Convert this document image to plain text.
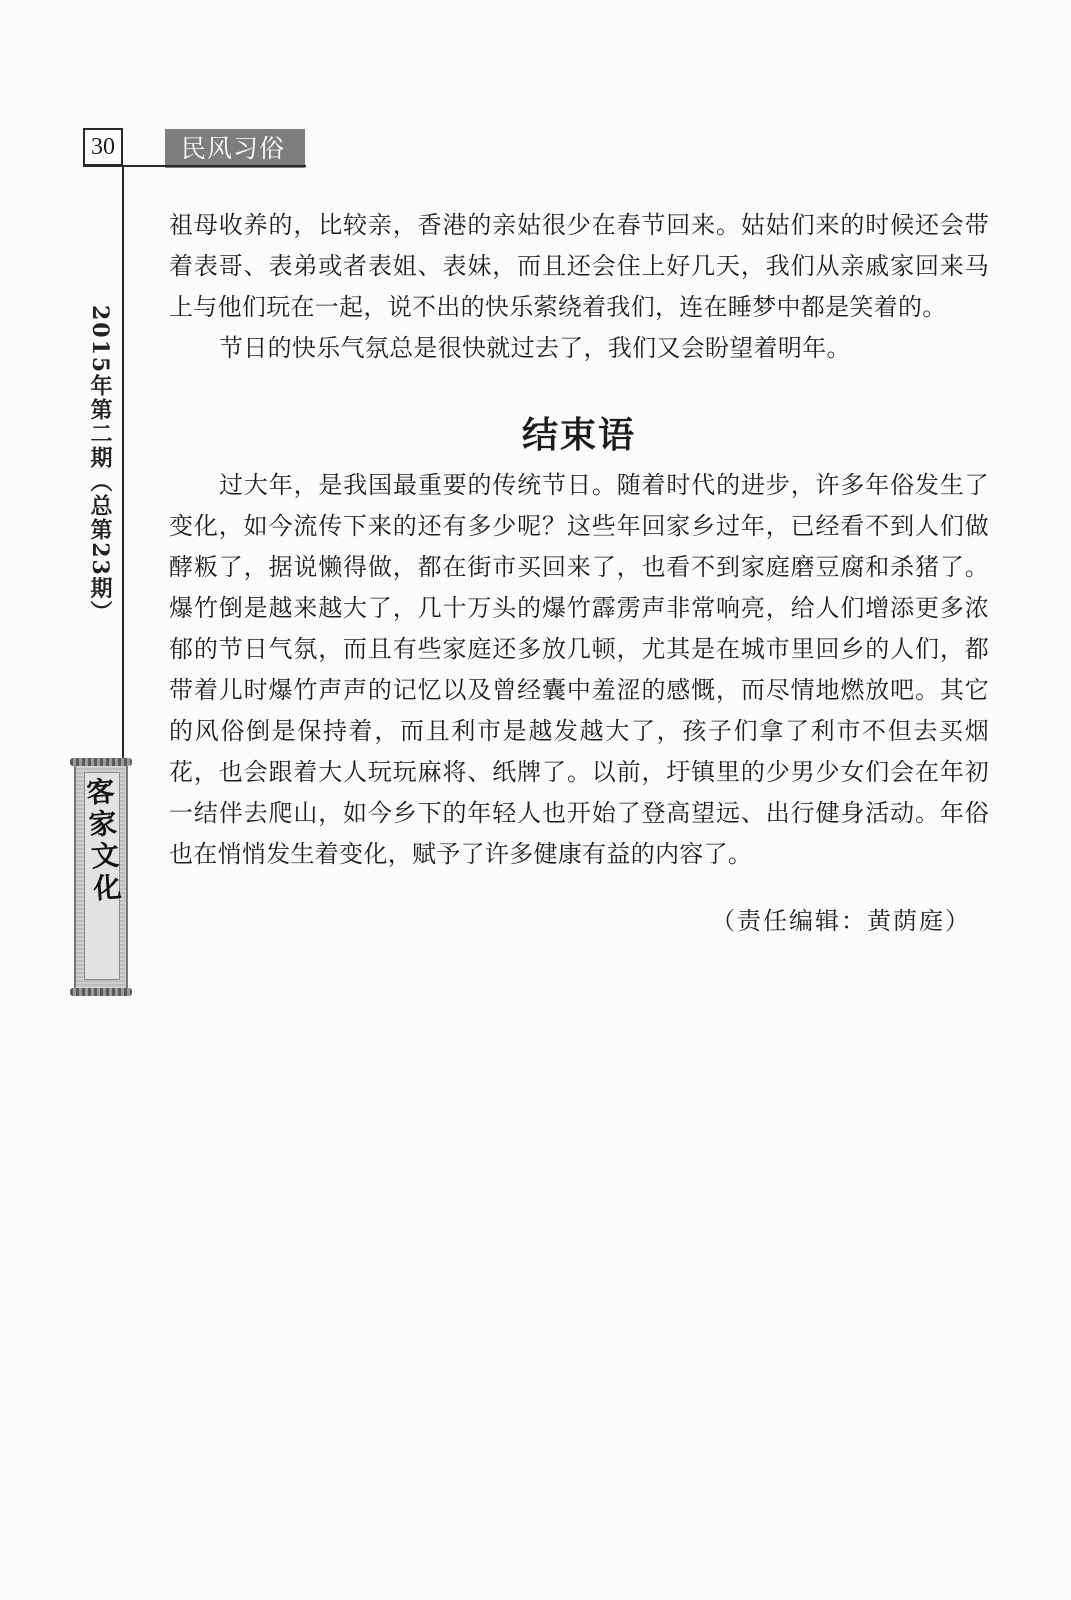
30	民风习俗
2015年第二期（总第23期）
客家文化

祖母收养的，比较亲，香港的亲姑很少在春节回来。姑姑们来的时候还会带着表哥、表弟或者表姐、表妹，而且还会住上好几天，我们从亲戚家回来马上与他们玩在一起，说不出的快乐萦绕着我们，连在睡梦中都是笑着的。

节日的快乐气氛总是很快就过去了，我们又会盼望着明年。

结束语

过大年，是我国最重要的传统节日。随着时代的进步，许多年俗发生了变化，如今流传下来的还有多少呢？这些年回家乡过年，已经看不到人们做酵粄了，据说懒得做，都在街市买回来了，也看不到家庭磨豆腐和杀猪了。爆竹倒是越来越大了，几十万头的爆竹霹雳声非常响亮，给人们增添更多浓郁的节日气氛，而且有些家庭还多放几顿，尤其是在城市里回乡的人们，都带着儿时爆竹声声的记忆以及曾经囊中羞涩的感慨，而尽情地燃放吧。其它的风俗倒是保持着，而且利市是越发越大了，孩子们拿了利市不但去买烟花，也会跟着大人玩玩麻将、纸牌了。以前，圩镇里的少男少女们会在年初一结伴去爬山，如今乡下的年轻人也开始了登高望远、出行健身活动。年俗也在悄悄发生着变化，赋予了许多健康有益的内容了。

（责任编辑：黄荫庭）
